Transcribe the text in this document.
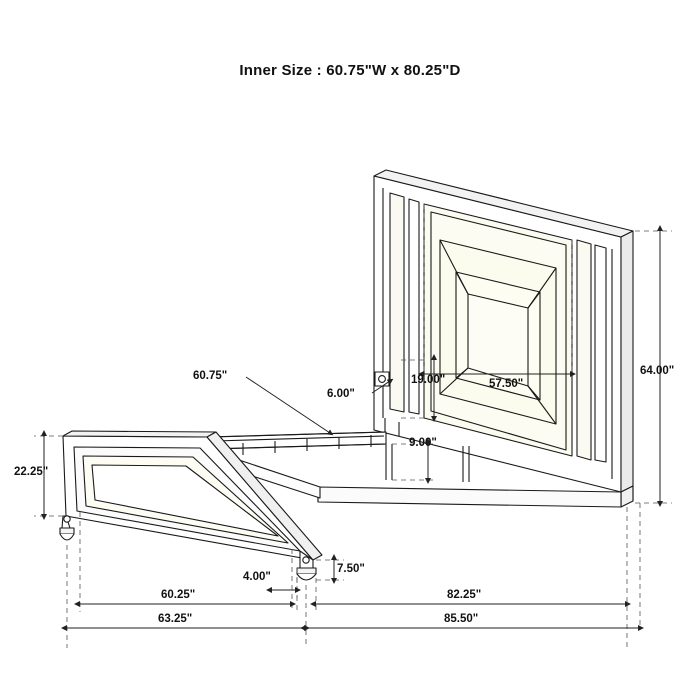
Inner Size : 60.75"W x 80.25"D
64.00"
57.50"
19.00"
9.00"
6.00"
60.75"
22.25"
7.50"
4.00"
60.25"	82.25"
63.25"	85.50"
